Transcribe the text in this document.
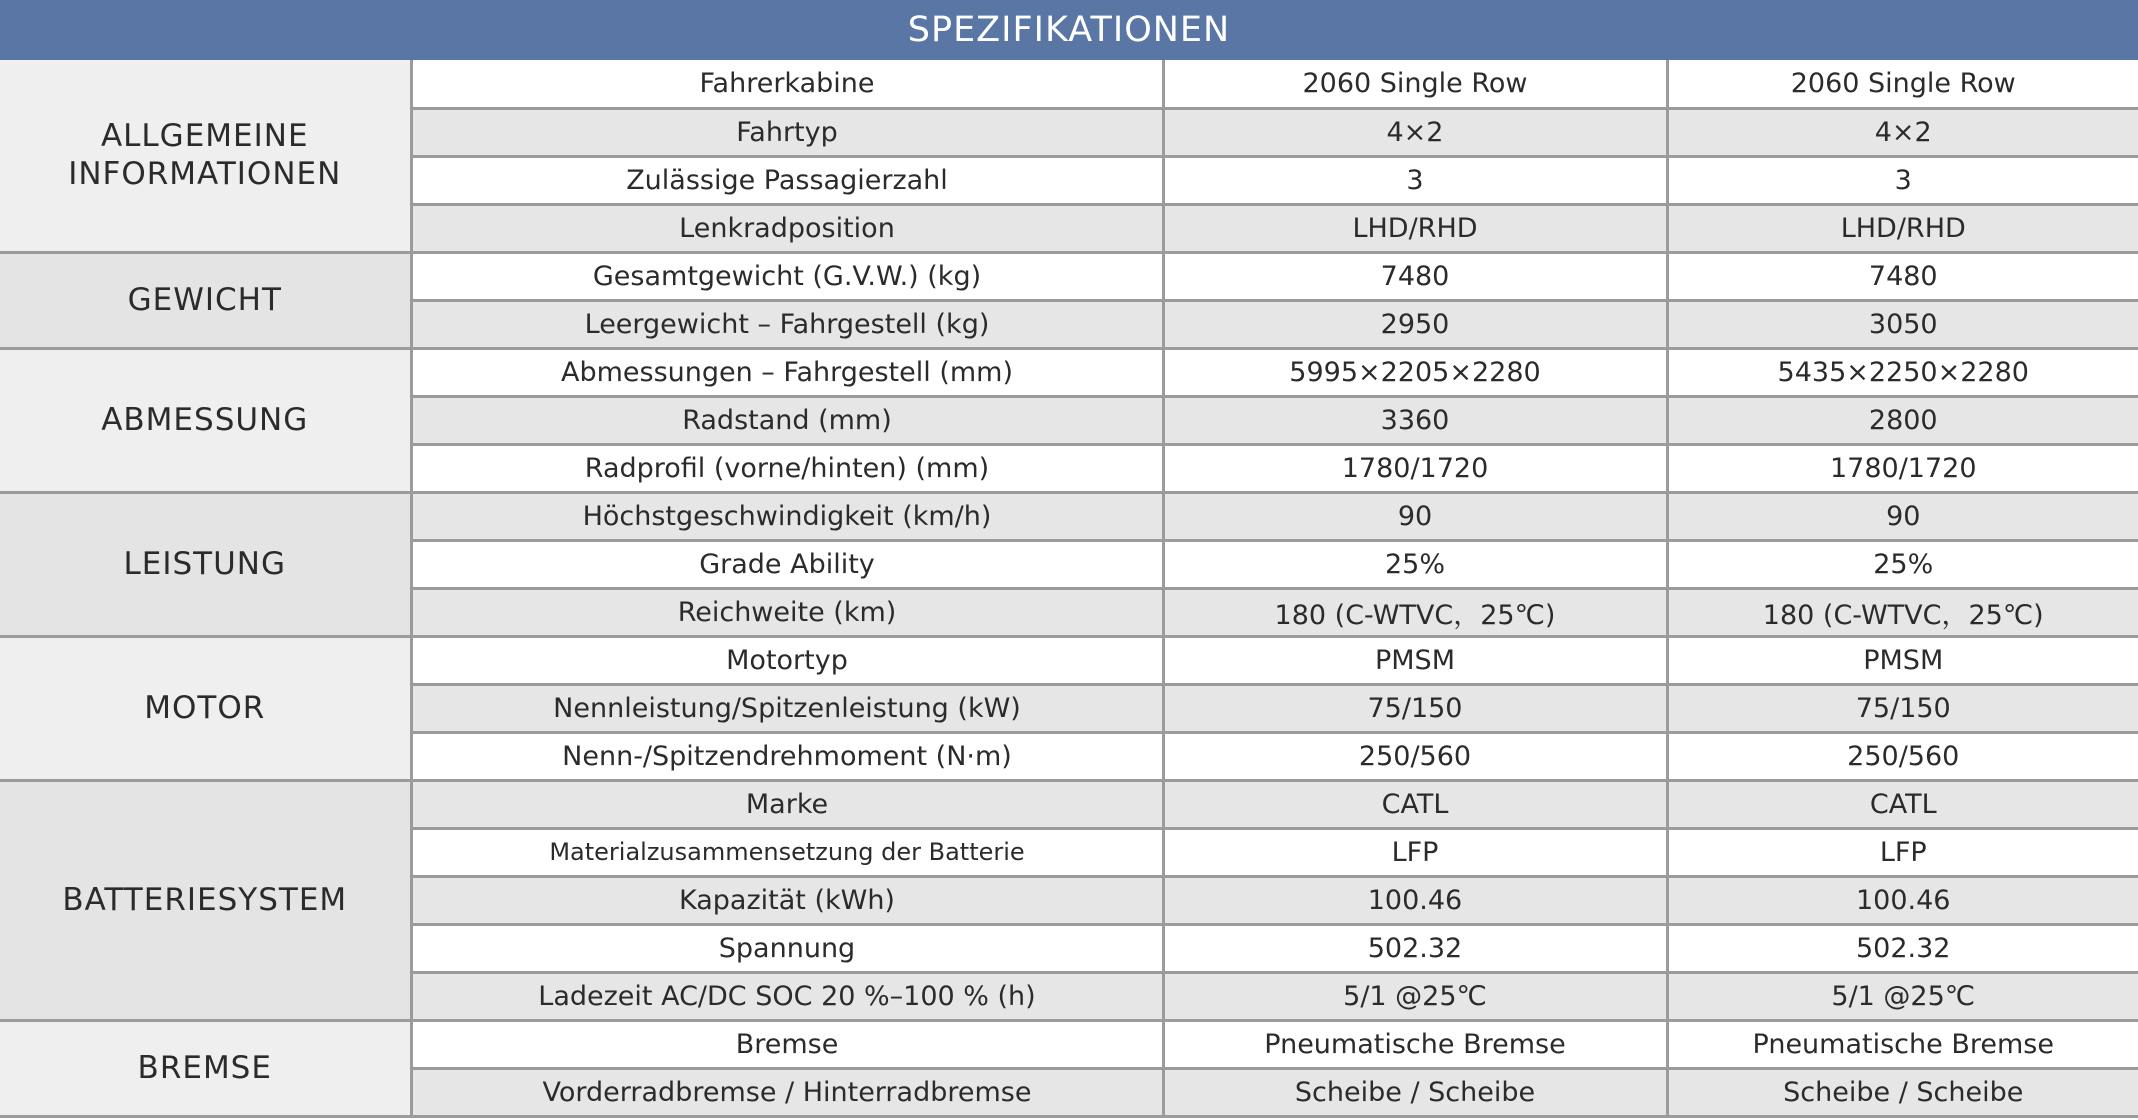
SPEZIFIKATIONEN
ALLGEMEINE INFORMATIONEN	Fahrerkabine	2060 Single Row	2060 Single Row
	Fahrtyp	4×2	4×2
	Zulässige Passagierzahl	3	3
	Lenkradposition	LHD/RHD	LHD/RHD
GEWICHT	Gesamtgewicht (G.V.W.) (kg)	7480	7480
	Leergewicht – Fahrgestell (kg)	2950	3050
ABMESSUNG	Abmessungen – Fahrgestell (mm)	5995×2205×2280	5435×2250×2280
	Radstand (mm)	3360	2800
	Radprofil (vorne/hinten) (mm)	1780/1720	1780/1720
LEISTUNG	Höchstgeschwindigkeit (km/h)	90	90
	Grade Ability	25%	25%
	Reichweite (km)	180 (C-WTVC，25℃)	180 (C-WTVC，25℃)
MOTOR	Motortyp	PMSM	PMSM
	Nennleistung/Spitzenleistung (kW)	75/150	75/150
	Nenn-/Spitzendrehmoment (N·m)	250/560	250/560
BATTERIESYSTEM	Marke	CATL	CATL
	Materialzusammensetzung der Batterie	LFP	LFP
	Kapazität (kWh)	100.46	100.46
	Spannung	502.32	502.32
	Ladezeit AC/DC SOC 20 %–100 % (h)	5/1 @25℃	5/1 @25℃
BREMSE	Bremse	Pneumatische Bremse	Pneumatische Bremse
	Vorderradbremse / Hinterradbremse	Scheibe / Scheibe	Scheibe / Scheibe
